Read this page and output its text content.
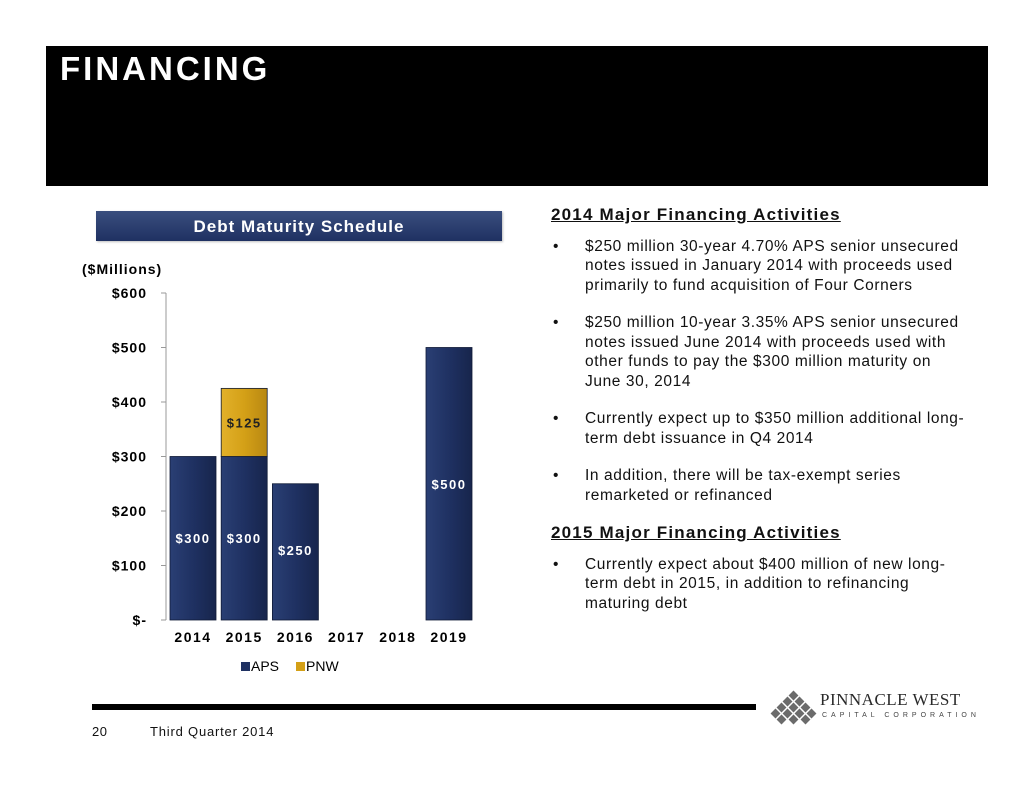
FINANCING
Debt Maturity Schedule
($Millions)
$-
$100
$200
$300
$400
$500
$600
$300 $300
$125
$250
$500
2014 2015 2016 2017 2018 2019
APS PNW
2014 Major Financing Activities
• $250 million 30-year 4.70% APS senior unsecured notes issued in January 2014 with proceeds used primarily to fund acquisition of Four Corners
• $250 million 10-year 3.35% APS senior unsecured notes issued June 2014 with proceeds used with other funds to pay the $300 million maturity on June 30, 2014
• Currently expect up to $350 million additional long-term debt issuance in Q4 2014
• In addition, there will be tax-exempt series remarketed or refinanced
2015 Major Financing Activities
• Currently expect about $400 million of new long-term debt in 2015, in addition to refinancing maturing debt
20	Third Quarter 2014
PINNACLE WEST
CAPITAL CORPORATION
